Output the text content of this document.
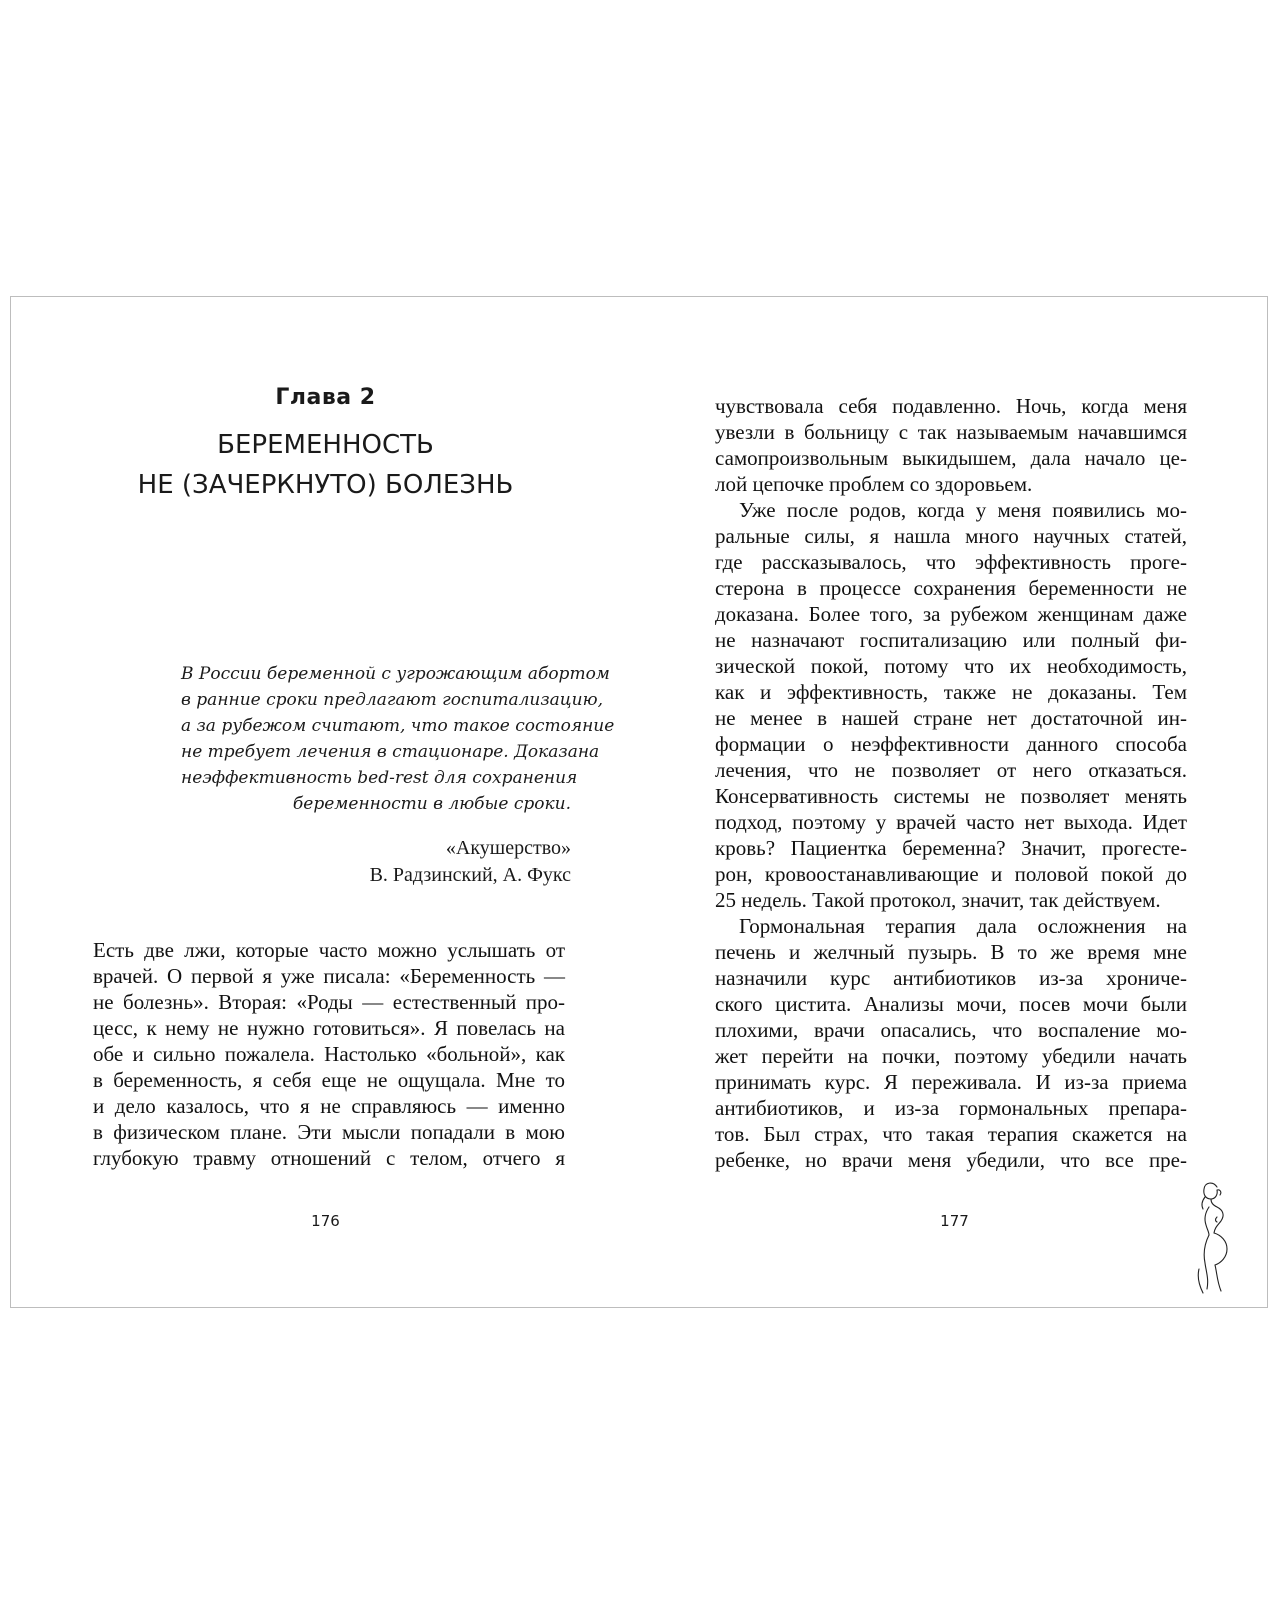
Глава 2
БЕРЕМЕННОСТЬ
НЕ (ЗАЧЕРКНУТО) БОЛЕЗНЬ
В России беременной с угрожающим абортом
в ранние сроки предлагают госпитализацию,
а за рубежом считают, что такое состояние
не требует лечения в стационаре. Доказана
неэффективность bed-rest для сохранения
беременности в любые сроки.
«Акушерство»
В. Радзинский, А. Фукс
Есть две лжи, которые часто можно услышать от
врачей. О первой я уже писала: «Беременность —
не болезнь». Вторая: «Роды — естественный про-
цесс, к нему не нужно готовиться». Я повелась на
обе и сильно пожалела. Настолько «больной», как
в беременность, я себя еще не ощущала. Мне то
и дело казалось, что я не справляюсь — именно
в физическом плане. Эти мысли попадали в мою
глубокую травму отношений с телом, отчего я
176
чувствовала себя подавленно. Ночь, когда меня
увезли в больницу с так называемым начавшимся
самопроизвольным выкидышем, дала начало це-
лой цепочке проблем со здоровьем.
Уже после родов, когда у меня появились мо-
ральные силы, я нашла много научных статей,
где рассказывалось, что эффективность проге-
стерона в процессе сохранения беременности не
доказана. Более того, за рубежом женщинам даже
не назначают госпитализацию или полный фи-
зической покой, потому что их необходимость,
как и эффективность, также не доказаны. Тем
не менее в нашей стране нет достаточной ин-
формации о неэффективности данного способа
лечения, что не позволяет от него отказаться.
Консервативность системы не позволяет менять
подход, поэтому у врачей часто нет выхода. Идет
кровь? Пациентка беременна? Значит, прогесте-
рон, кровоостанавливающие и половой покой до
25 недель. Такой протокол, значит, так действуем.
Гормональная терапия дала осложнения на
печень и желчный пузырь. В то же время мне
назначили курс антибиотиков из-за хрониче-
ского цистита. Анализы мочи, посев мочи были
плохими, врачи опасались, что воспаление мо-
жет перейти на почки, поэтому убедили начать
принимать курс. Я переживала. И из-за приема
антибиотиков, и из-за гормональных препара-
тов. Был страх, что такая терапия скажется на
ребенке, но врачи меня убедили, что все пре-
177
